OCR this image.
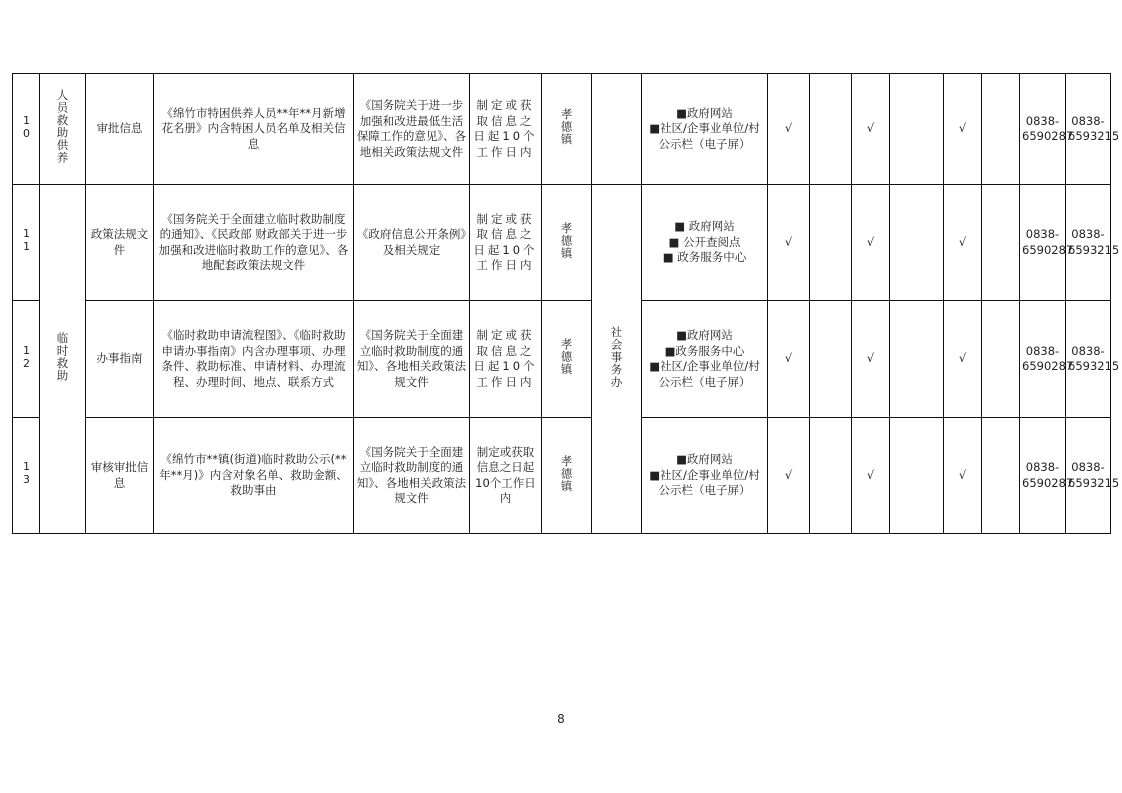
10	人员救助供养	审批信息	《绵竹市特困供养人员**年**月新增花名册》内含特困人员名单及相关信息	《国务院关于进一步加强和改进最低生活保障工作的意见》、各地相关政策法规文件	制定或获取信息之日起10个工作日内	孝德镇		■政府网站
■社区/企事业单位/村公示栏（电子屏）	√		√		√		0838-6590287	0838-6593215
11	临时救助	政策法规文件	《国务院关于全面建立临时救助制度的通知》、《民政部 财政部关于进一步加强和改进临时救助工作的意见》、各地配套政策法规文件	《政府信息公开条例》及相关规定	制定或获取信息之日起10个工作日内	孝德镇	社会事务办	■ 政府网站
■ 公开查阅点
■ 政务服务中心	√		√		√		0838-6590287	0838-6593215
12		办事指南	《临时救助申请流程图》、《临时救助申请办事指南》内含办理事项、办理条件、救助标准、申请材料、办理流程、办理时间、地点、联系方式	《国务院关于全面建立临时救助制度的通知》、各地相关政策法规文件	制定或获取信息之日起10个工作日内	孝德镇		■政府网站
■政务服务中心
■社区/企事业单位/村公示栏（电子屏）	√		√		√		0838-6590287	0838-6593215
13		审核审批信息	《绵竹市**镇(街道)临时救助公示(**年**月)》内含对象名单、救助金额、救助事由	《国务院关于全面建立临时救助制度的通知》、各地相关政策法规文件	制定或获取信息之日起10个工作日内	孝德镇		■政府网站
■社区/企事业单位/村公示栏（电子屏）	√		√		√		0838-6590287	0838-6593215
8
